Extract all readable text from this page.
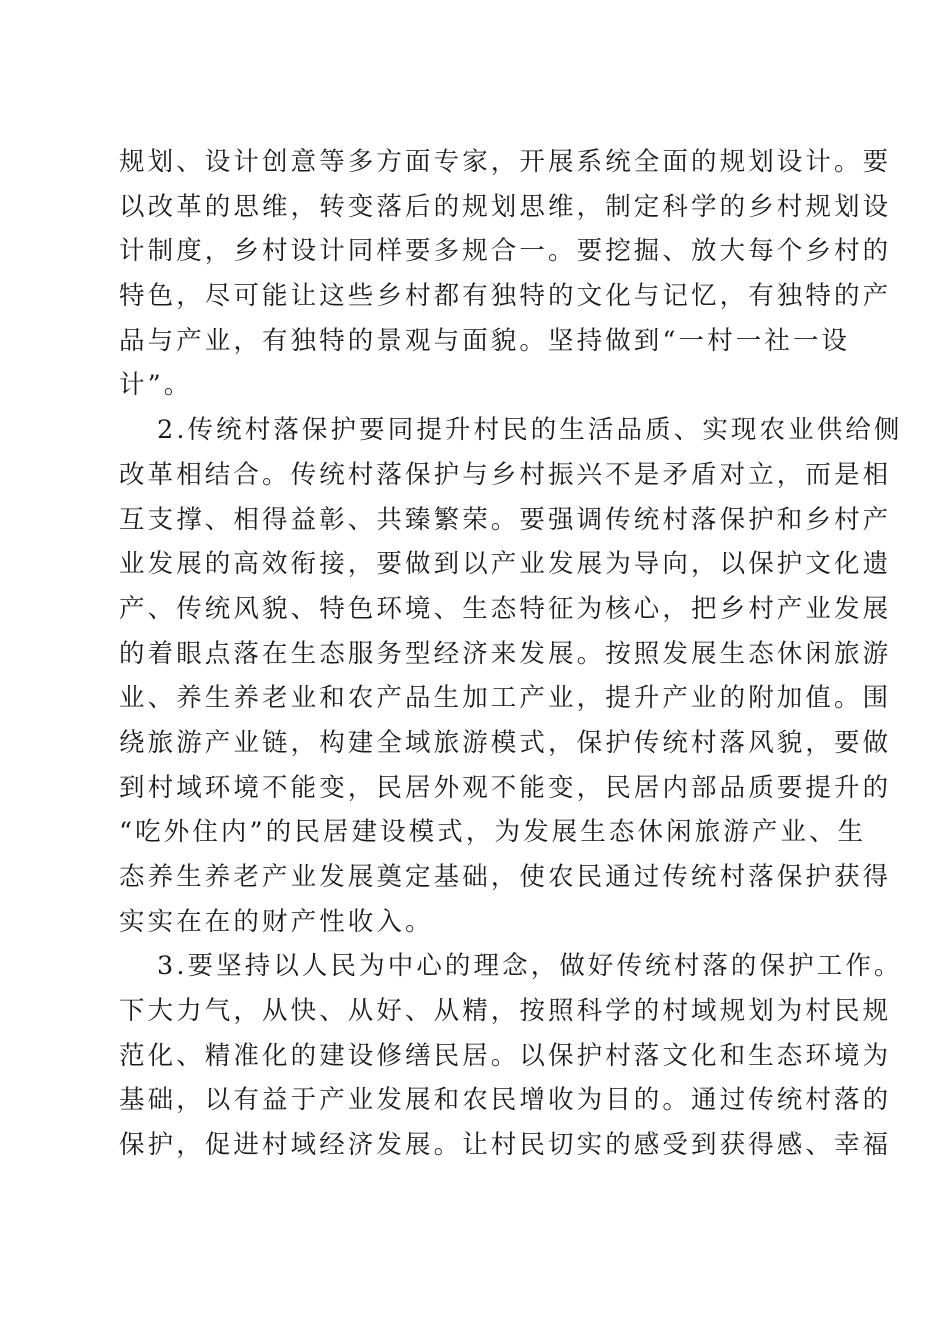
规划、设计创意等多方面专家，开展系统全面的规划设计。要
以改革的思维，转变落后的规划思维，制定科学的乡村规划设
计制度，乡村设计同样要多规合一。要挖掘、放大每个乡村的
特色，尽可能让这些乡村都有独特的文化与记忆，有独特的产
品与产业，有独特的景观与面貌。坚持做到“一村一社一设
计”。
2.传统村落保护要同提升村民的生活品质、实现农业供给侧
改革相结合。传统村落保护与乡村振兴不是矛盾对立，而是相
互支撑、相得益彰、共臻繁荣。要强调传统村落保护和乡村产
业发展的高效衔接，要做到以产业发展为导向，以保护文化遗
产、传统风貌、特色环境、生态特征为核心，把乡村产业发展
的着眼点落在生态服务型经济来发展。按照发展生态休闲旅游
业、养生养老业和农产品生加工产业，提升产业的附加值。围
绕旅游产业链，构建全域旅游模式，保护传统村落风貌，要做
到村域环境不能变，民居外观不能变，民居内部品质要提升的
“吃外住内”的民居建设模式，为发展生态休闲旅游产业、生
态养生养老产业发展奠定基础，使农民通过传统村落保护获得
实实在在的财产性收入。
3.要坚持以人民为中心的理念，做好传统村落的保护工作。
下大力气，从快、从好、从精，按照科学的村域规划为村民规
范化、精准化的建设修缮民居。以保护村落文化和生态环境为
基础，以有益于产业发展和农民增收为目的。通过传统村落的
保护，促进村域经济发展。让村民切实的感受到获得感、幸福
